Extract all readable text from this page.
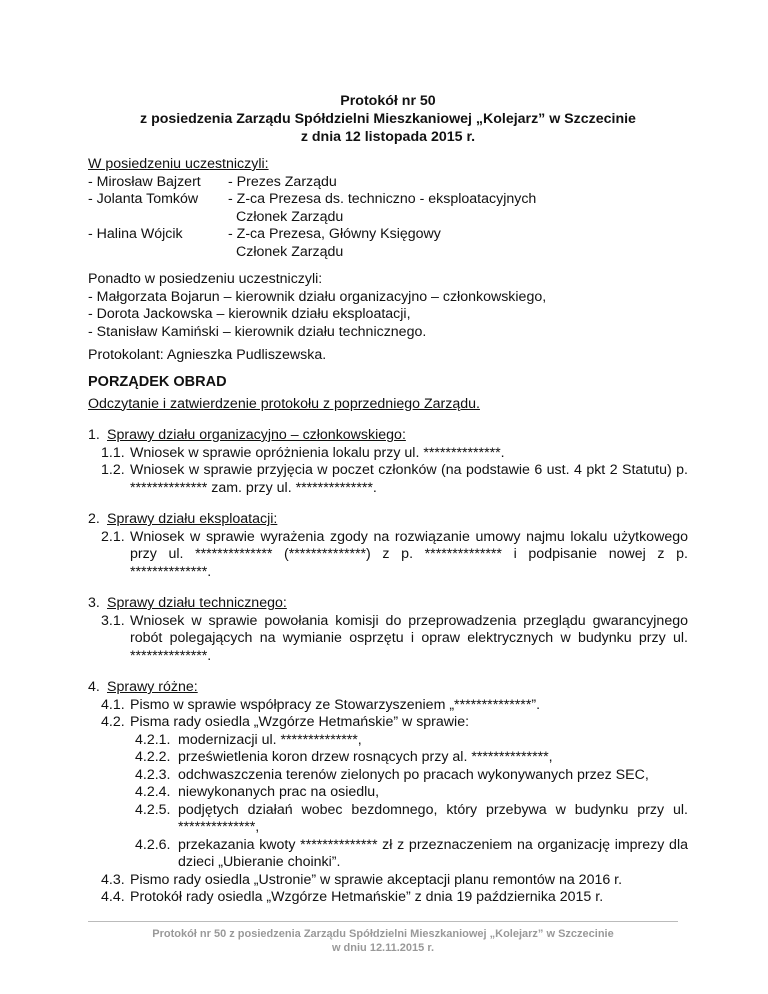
Protokół nr 50
z posiedzenia Zarządu Spółdzielni Mieszkaniowej „Kolejarz” w Szczecinie
z dnia 12 listopada 2015 r.
W posiedzeniu uczestniczyli:
- Mirosław Bajzert	- Prezes Zarządu
- Jolanta Tomków	- Z-ca Prezesa ds. techniczno - eksploatacyjnych
Członek Zarządu
- Halina Wójcik	- Z-ca Prezesa, Główny Księgowy
Członek Zarządu
Ponadto w posiedzeniu uczestniczyli:
- Małgorzata Bojarun – kierownik działu organizacyjno – członkowskiego,
- Dorota Jackowska – kierownik działu eksploatacji,
- Stanisław Kamiński – kierownik działu technicznego.
Protokolant: Agnieszka Pudliszewska.
PORZĄDEK OBRAD
Odczytanie i zatwierdzenie protokołu z poprzedniego Zarządu.
1. Sprawy działu organizacyjno – członkowskiego:
1.1. Wniosek w sprawie opróżnienia lokalu przy ul. **************.
1.2. Wniosek w sprawie przyjęcia w poczet członków (na podstawie 6 ust. 4 pkt 2 Statutu) p. ************** zam. przy ul. **************.
2. Sprawy działu eksploatacji:
2.1. Wniosek w sprawie wyrażenia zgody na rozwiązanie umowy najmu lokalu użytkowego przy ul. ************** (**************) z p. ************** i podpisanie nowej z p. **************.
3. Sprawy działu technicznego:
3.1. Wniosek w sprawie powołania komisji do przeprowadzenia przeglądu gwarancyjnego robót polegających na wymianie osprzętu i opraw elektrycznych w budynku przy ul. **************.
4. Sprawy różne:
4.1. Pismo w sprawie współpracy ze Stowarzyszeniem „**************”.
4.2. Pisma rady osiedla „Wzgórze Hetmańskie” w sprawie:
4.2.1. modernizacji ul. **************,
4.2.2. prześwietlenia koron drzew rosnących przy al. **************,
4.2.3. odchwaszczenia terenów zielonych po pracach wykonywanych przez SEC,
4.2.4. niewykonanych prac na osiedlu,
4.2.5. podjętych działań wobec bezdomnego, który przebywa w budynku przy ul. **************,
4.2.6. przekazania kwoty ************** zł z przeznaczeniem na organizację imprezy dla dzieci „Ubieranie choinki”.
4.3. Pismo rady osiedla „Ustronie” w sprawie akceptacji planu remontów na 2016 r.
4.4. Protokół rady osiedla „Wzgórze Hetmańskie” z dnia 19 października 2015 r.
Protokół nr 50 z posiedzenia Zarządu Spółdzielni Mieszkaniowej „Kolejarz” w Szczecinie
w dniu 12.11.2015 r.
